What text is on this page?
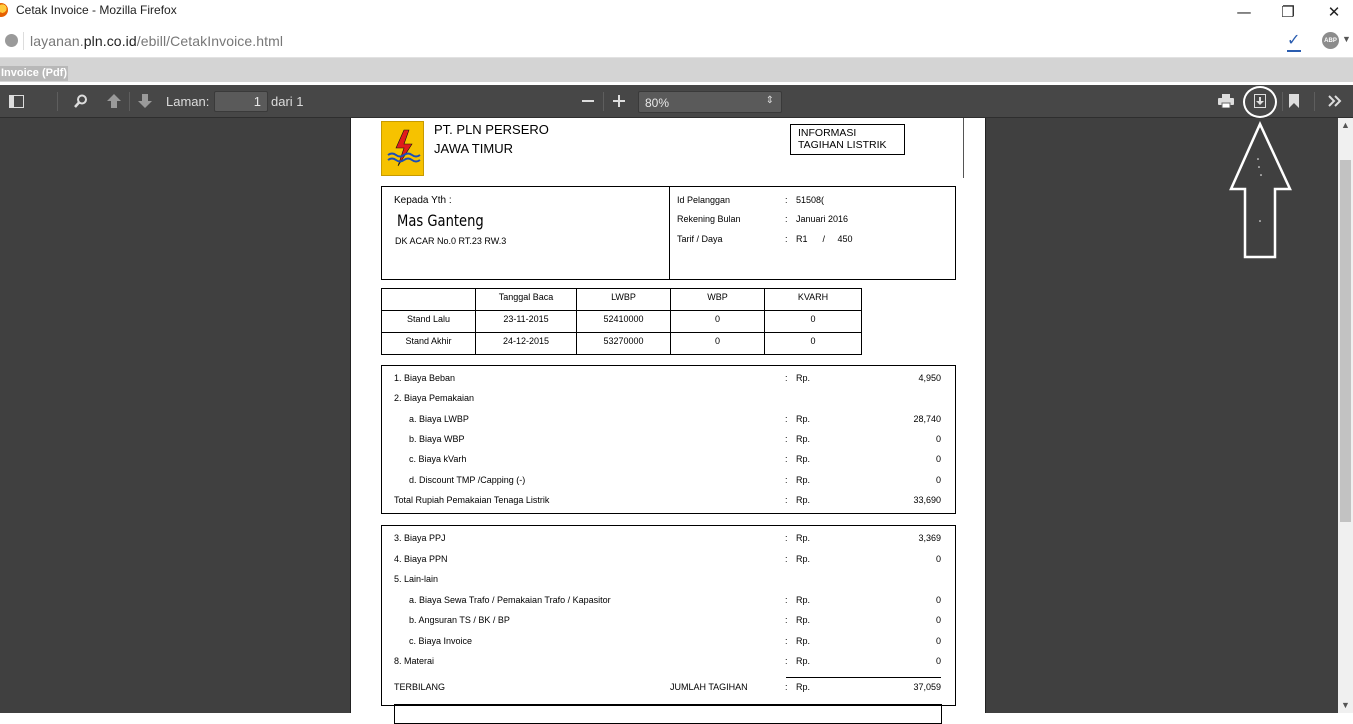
Cetak Invoice - Mozilla Firefox	—	❐	✕
layanan.pln.co.id/ebill/CetakInvoice.html	✓	ABP ▼
Invoice (Pdf)
Laman:	1 dari 1	80%	⇕
▲
▼
PT. PLN PERSERO
JAWA TIMUR
INFORMASI
TAGIHAN LISTRIK
Kepada Yth :
Mas Ganteng
DK ACAR No.0 RT.23 RW.3
Id Pelanggan	: 51508(
Rekening Bulan	: Januari 2016
Tarif / Daya	: R1      /     450
	Tanggal Baca	LWBP	WBP	KVARH
Stand Lalu	23-11-2015	52410000	0	0
Stand Akhir	24-12-2015	53270000	0	0
1. Biaya Beban	: Rp.	4,950
2. Biaya Pemakaian
a. Biaya LWBP	: Rp.	28,740
b. Biaya WBP	: Rp.	0
c. Biaya kVarh	: Rp.	0
d. Discount TMP /Capping (-)	: Rp.	0
Total Rupiah Pemakaian Tenaga Listrik	: Rp.	33,690
3. Biaya PPJ	: Rp.	3,369
4. Biaya PPN	: Rp.	0
5. Lain-lain
a. Biaya Sewa Trafo / Pemakaian Trafo / Kapasitor	: Rp.	0
b. Angsuran TS / BK / BP	: Rp.	0
c. Biaya Invoice	: Rp.	0
8. Materai	: Rp.	0
TERBILANG	JUMLAH TAGIHAN	: Rp.	37,059
